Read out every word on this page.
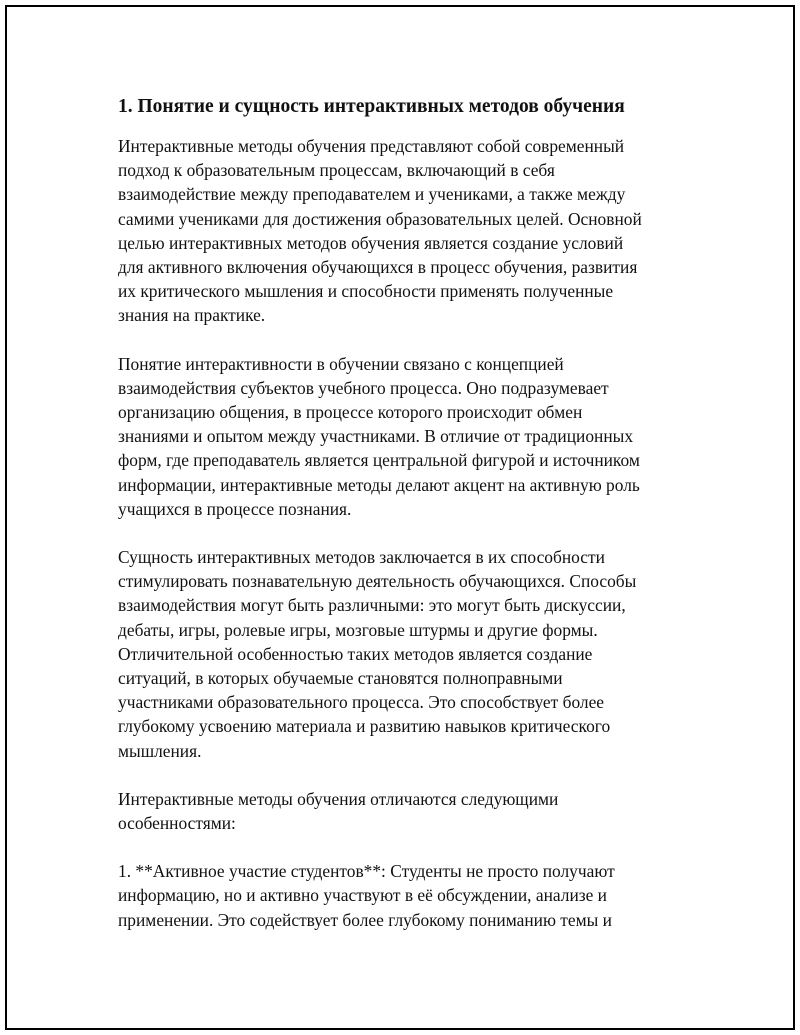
1. Понятие и сущность интерактивных методов обучения
Интерактивные методы обучения представляют собой современный
подход к образовательным процессам, включающий в себя
взаимодействие между преподавателем и учениками, а также между
самими учениками для достижения образовательных целей. Основной
целью интерактивных методов обучения является создание условий
для активного включения обучающихся в процесс обучения, развития
их критического мышления и способности применять полученные
знания на практике.
Понятие интерактивности в обучении связано с концепцией
взаимодействия субъектов учебного процесса. Оно подразумевает
организацию общения, в процессе которого происходит обмен
знаниями и опытом между участниками. В отличие от традиционных
форм, где преподаватель является центральной фигурой и источником
информации, интерактивные методы делают акцент на активную роль
учащихся в процессе познания.
Сущность интерактивных методов заключается в их способности
стимулировать познавательную деятельность обучающихся. Способы
взаимодействия могут быть различными: это могут быть дискуссии,
дебаты, игры, ролевые игры, мозговые штурмы и другие формы.
Отличительной особенностью таких методов является создание
ситуаций, в которых обучаемые становятся полноправными
участниками образовательного процесса. Это способствует более
глубокому усвоению материала и развитию навыков критического
мышления.
Интерактивные методы обучения отличаются следующими
особенностями:
1. **Активное участие студентов**: Студенты не просто получают
информацию, но и активно участвуют в её обсуждении, анализе и
применении. Это содействует более глубокому пониманию темы и
